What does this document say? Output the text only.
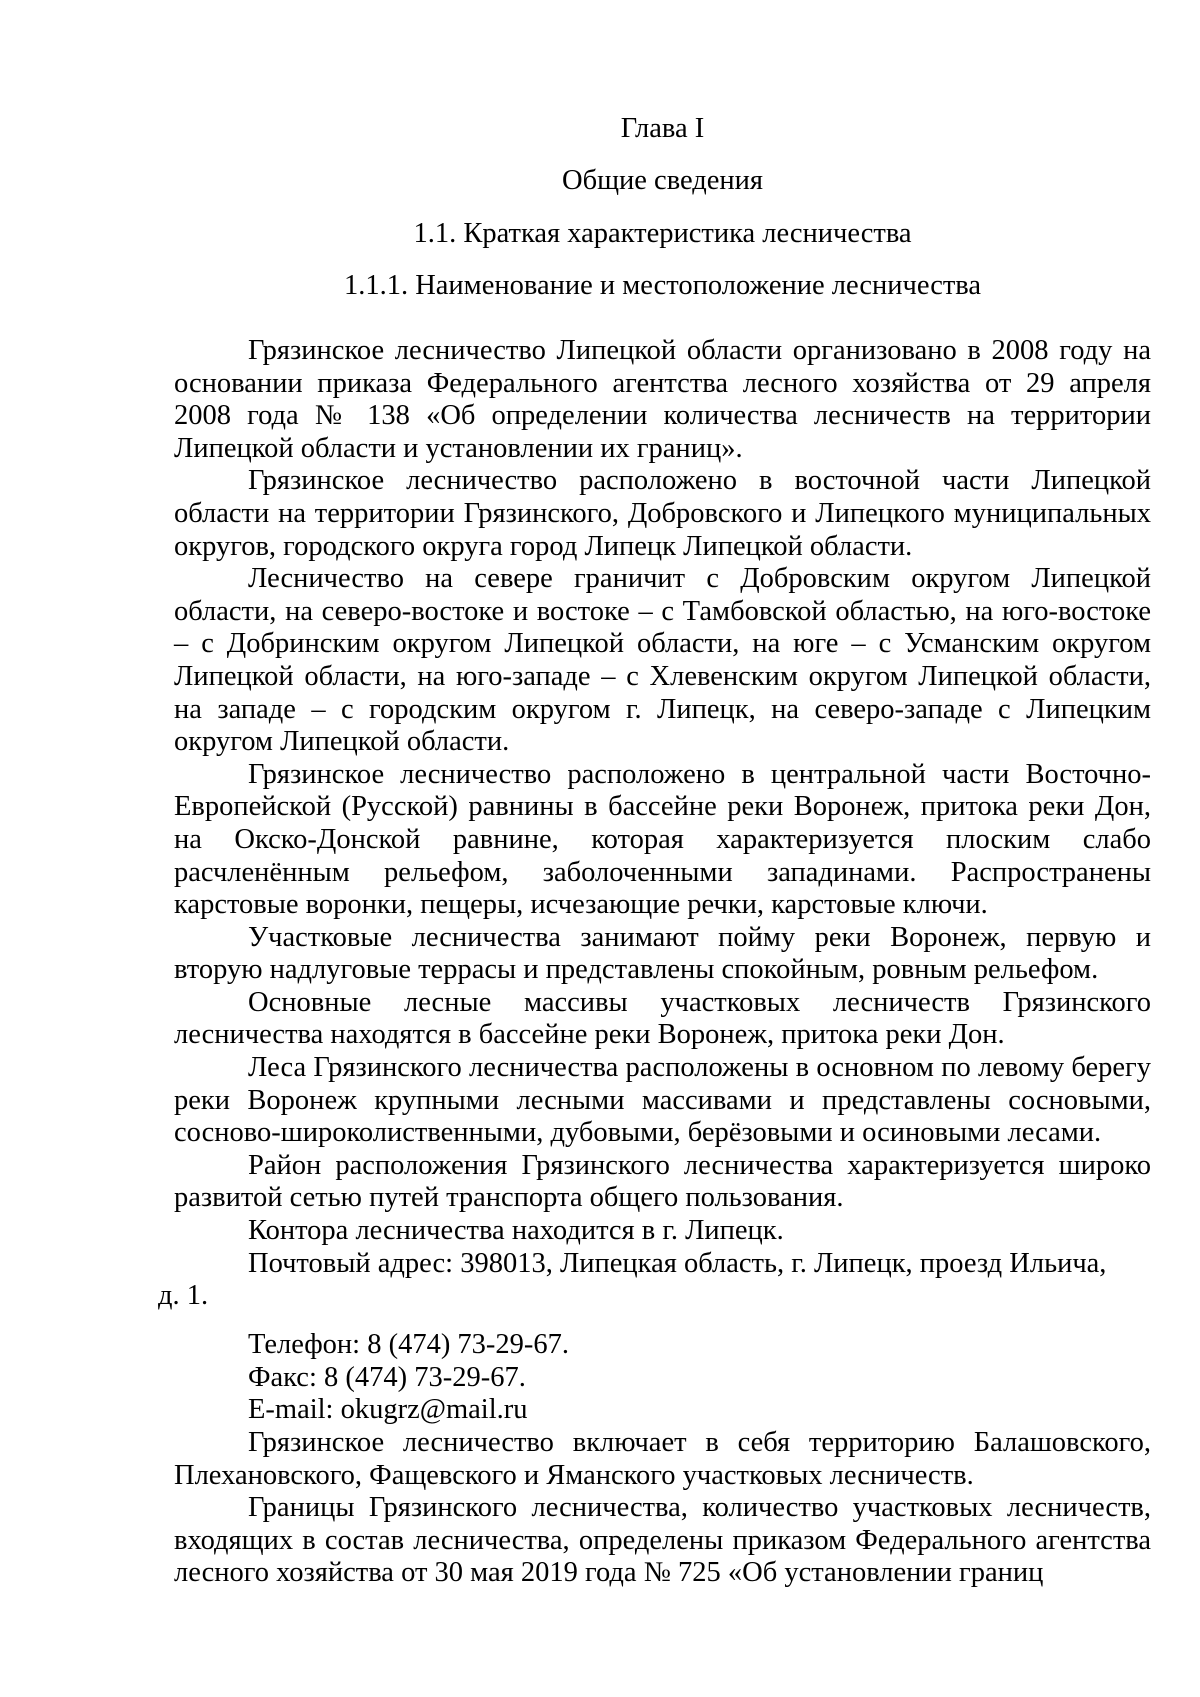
Глава I
Общие сведения
1.1. Краткая характеристика лесничества
1.1.1. Наименование и местоположение лесничества

Грязинское лесничество Липецкой области организовано в 2008 году на основании приказа Федерального агентства лесного хозяйства от 29 апреля 2008 года № 138 «Об определении количества лесничеств на территории Липецкой области и установлении их границ».

Грязинское лесничество расположено в восточной части Липецкой области на территории Грязинского, Добровского и Липецкого муниципальных округов, городского округа город Липецк Липецкой области.

Лесничество на севере граничит с Добровским округом Липецкой области, на северо-востоке и востоке – с Тамбовской областью, на юго-востоке – с Добринским округом Липецкой области, на юге – с Усманским округом Липецкой области, на юго-западе – с Хлевенским округом Липецкой области, на западе – с городским округом г. Липецк, на северо-западе с Липецким округом Липецкой области.

Грязинское лесничество расположено в центральной части Восточно-Европейской (Русской) равнины в бассейне реки Воронеж, притока реки Дон, на Окско-Донской равнине, которая характеризуется плоским слабо расчленённым рельефом, заболоченными западинами. Распространены карстовые воронки, пещеры, исчезающие речки, карстовые ключи.

Участковые лесничества занимают пойму реки Воронеж, первую и вторую надлуговые террасы и представлены спокойным, ровным рельефом.

Основные лесные массивы участковых лесничеств Грязинского лесничества находятся в бассейне реки Воронеж, притока реки Дон.

Леса Грязинского лесничества расположены в основном по левому берегу реки Воронеж крупными лесными массивами и представлены сосновыми, сосново-широколиственными, дубовыми, берёзовыми и осиновыми лесами.

Район расположения Грязинского лесничества характеризуется широко развитой сетью путей транспорта общего пользования.

Контора лесничества находится в г. Липецк.

Почтовый адрес: 398013, Липецкая область, г. Липецк, проезд Ильича,

д. 1.

Телефон: 8 (474) 73-29-67.

Факс: 8 (474) 73-29-67.

E-mail: okugrz@mail.ru

Грязинское лесничество включает в себя территорию Балашовского, Плехановского, Фащевского и Яманского участковых лесничеств.

Границы Грязинского лесничества, количество участковых лесничеств, входящих в состав лесничества, определены приказом Федерального агентства лесного хозяйства от 30 мая 2019 года № 725 «Об установлении границ
